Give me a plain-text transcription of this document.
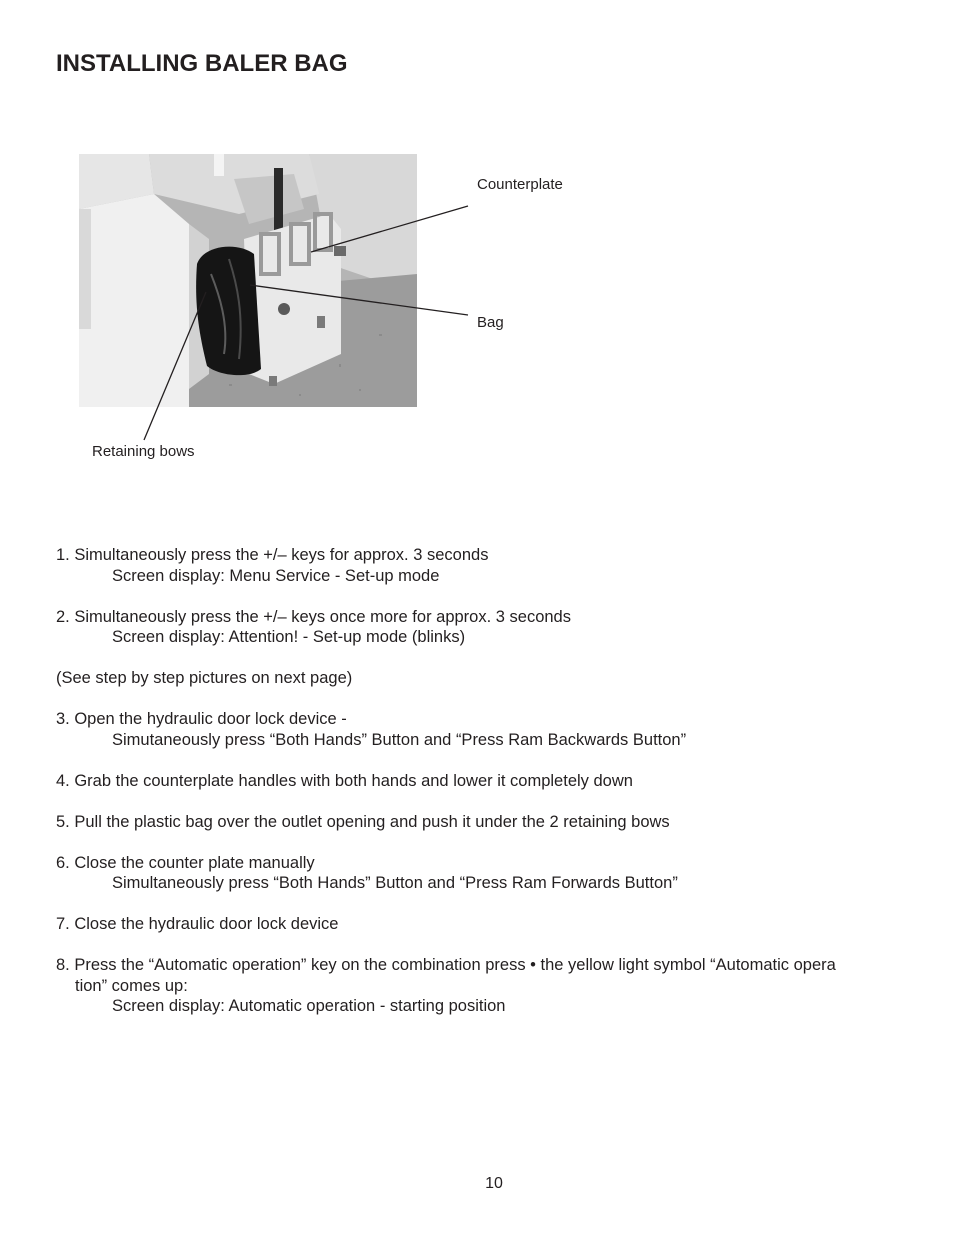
INSTALLING BALER BAG
Counterplate
Bag
Retaining bows
1. Simultaneously press the +/– keys for approx. 3 seconds
Screen display: Menu Service - Set-up mode
2. Simultaneously press the +/– keys once more for approx. 3 seconds
Screen display: Attention! - Set-up mode (blinks)
(See step by step pictures on next page)
3. Open the hydraulic door lock device -
Simutaneously press “Both Hands” Button and “Press Ram Backwards Button”
4. Grab the counterplate handles with both hands and lower it completely down
5. Pull the plastic bag over the outlet opening and push it under the 2 retaining bows
6. Close the counter plate manually
Simultaneously press “Both Hands” Button and “Press Ram Forwards Button”
7. Close the hydraulic door lock device
8. Press the “Automatic operation” key on the combination press • the yellow light symbol “Automatic opera
tion” comes up:
Screen display: Automatic operation - starting position
10
